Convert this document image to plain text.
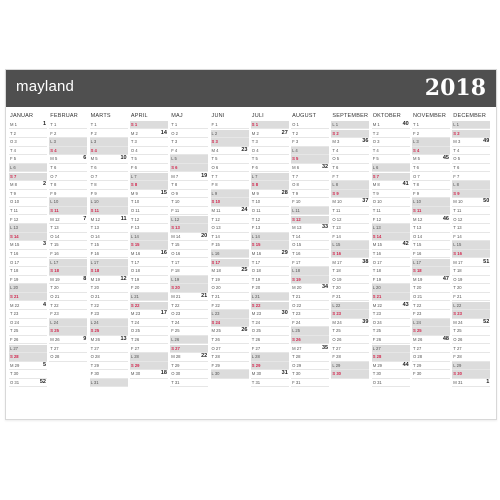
mayland	2018
JANUAR
M 1	1
T 2
O 3
T 4
F 5
L 6
S 7
M 8	2
T 9
O 10
T 11
F 12
L 13
S 14
M 15	3
T 16
O 17
T 18
F 19
L 20
S 21
M 22	4
T 23
O 24
T 25
F 26
L 27
S 28
M 29	5
T 30
O 31	52
FEBRUAR
T 1
F 2
L 3
S 4
M 5	6
T 6
O 7
T 8
F 9
L 10
S 11
M 12	7
T 13
O 14
T 15
F 16
L 17
S 18
M 19	8
T 20
O 21
T 22
F 23
L 24
S 25
M 26	9
T 27
O 28
MARTS
T 1
F 2
L 3
S 4
M 5	10
T 6
O 7
T 8
F 9
L 10
S 11
M 12	11
T 13
O 14
T 15
F 16
L 17
S 18
M 19	12
T 20
O 21
T 22
F 23
L 24
S 25
M 26	13
T 27
O 28
T 29
F 30
L 31
APRIL
S 1
M 2	14
T 3
O 4
T 5
F 6
L 7
S 8
M 9	15
T 10
O 11
T 12
F 13
L 14
S 15
M 16	16
T 17
O 18
T 19
F 20
L 21
S 22
M 23	17
T 24
O 25
T 26
F 27
L 28
S 29
M 30	18
MAJ
T 1
O 2
T 3
F 4
L 5
S 6
M 7	19
T 8
O 9
T 10
F 11
L 12
S 13
M 14	20
T 15
O 16
T 17
F 18
L 19
S 20
M 21	21
T 22
O 23
T 24
F 25
L 26
S 27
M 28	22
T 29
O 30
T 31
JUNI
F 1
L 2
S 3
M 4	23
T 5
O 6
T 7
F 8
L 9
S 10
M 11	24
T 12
O 13
T 14
F 15
L 16
S 17
M 18	25
T 19
O 20
T 21
F 22
L 23
S 24
M 25	26
T 26
O 27
T 28
F 29
L 30
JULI
S 1
M 2	27
T 3
O 4
T 5
F 6
L 7
S 8
M 9	28
T 10
O 11
T 12
F 13
L 14
S 15
M 16	29
T 17
O 18
T 19
F 20
L 21
S 22
M 23	30
T 24
O 25
T 26
F 27
L 28
S 29
M 30	31
T 31
AUGUST
O 1
T 2
F 3
L 4
S 5
M 6	32
T 7
O 8
T 9
F 10
L 11
S 12
M 13	33
T 14
O 15
T 16
F 17
L 18
S 19
M 20	34
T 21
O 22
T 23
F 24
L 25
S 26
M 27	35
T 28
O 29
T 30
F 31
SEPTEMBER
L 1
S 2
M 3	36
T 4
O 5
T 6
F 7
L 8
S 9
M 10	37
T 11
O 12
T 13
F 14
L 15
S 16
M 17	38
T 18
O 19
T 20
F 21
L 22
S 23
M 24	39
T 25
O 26
T 27
F 28
L 29
S 30
OKTOBER
M 1	40
T 2
O 3
T 4
F 5
L 6
S 7
M 8	41
T 9
O 10
T 11
F 12
L 13
S 14
M 15	42
T 16
O 17
T 18
F 19
L 20
S 21
M 22	43
T 23
O 24
T 25
F 26
L 27
S 28
M 29	44
T 30
O 31
NOVEMBER
T 1
F 2
L 3
S 4
M 5	45
T 6
O 7
T 8
F 9
L 10
S 11
M 12	46
T 13
O 14
T 15
F 16
L 17
S 18
M 19	47
T 20
O 21
T 22
F 23
L 24
S 25
M 26	48
T 27
O 28
T 29
F 30
DECEMBER
L 1
S 2
M 3	49
T 4
O 5
T 6
F 7
L 8
S 9
M 10	50
T 11
O 12
T 13
F 14
L 15
S 16
M 17	51
T 18
O 19
T 20
F 21
L 22
S 23
M 24	52
T 25
O 26
T 27
F 28
L 29
S 30
M 31	1
